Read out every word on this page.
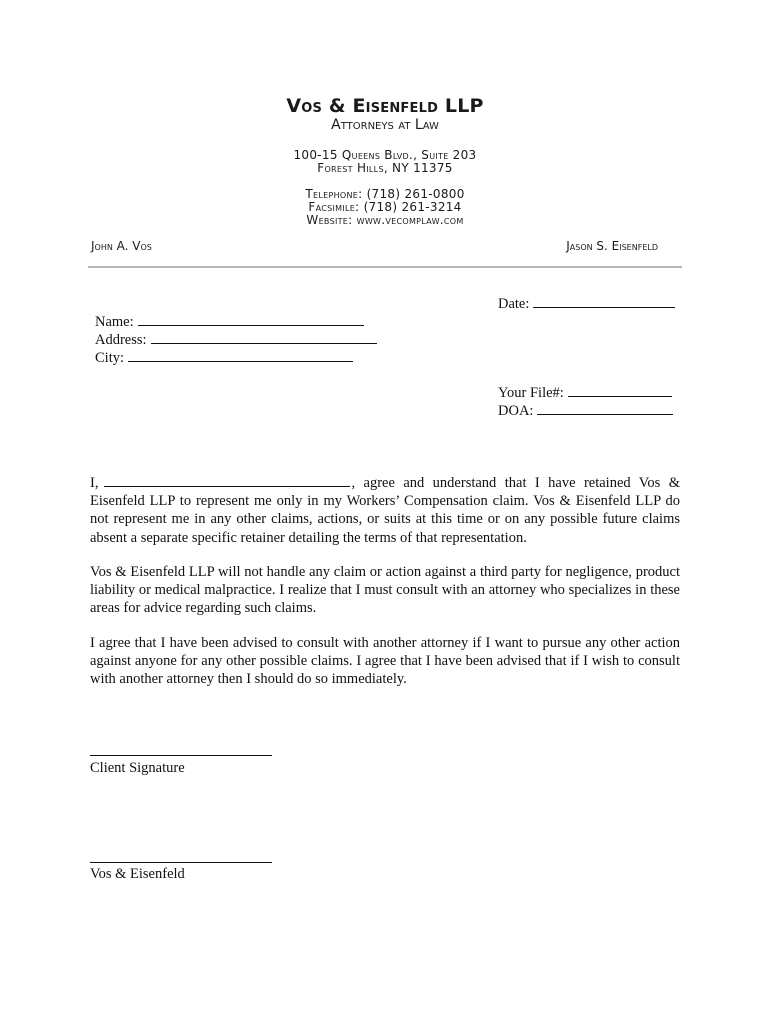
Vos & Eisenfeld LLP
Attorneys at Law
100-15 Queens Blvd., Suite 203
Forest Hills, NY 11375
Telephone: (718) 261-0800
Facsimile: (718) 261-3214
Website: www.vecomplaw.com
John A. Vos	Jason S. Eisenfeld
Date:
Name:
Address:
City:
Your File#:
DOA:
I,	, agree and understand that I have retained Vos & Eisenfeld LLP to represent me only in my Workers’ Compensation claim. Vos & Eisenfeld LLP do not represent me in any other claims, actions, or suits at this time or on any possible future claims absent a separate specific retainer detailing the terms of that representation.
Vos & Eisenfeld LLP will not handle any claim or action against a third party for negligence, product liability or medical malpractice. I realize that I must consult with an attorney who specializes in these areas for advice regarding such claims.
I agree that I have been advised to consult with another attorney if I want to pursue any other action against anyone for any other possible claims. I agree that I have been advised that if I wish to consult with another attorney then I should do so immediately.
Client Signature
Vos & Eisenfeld
